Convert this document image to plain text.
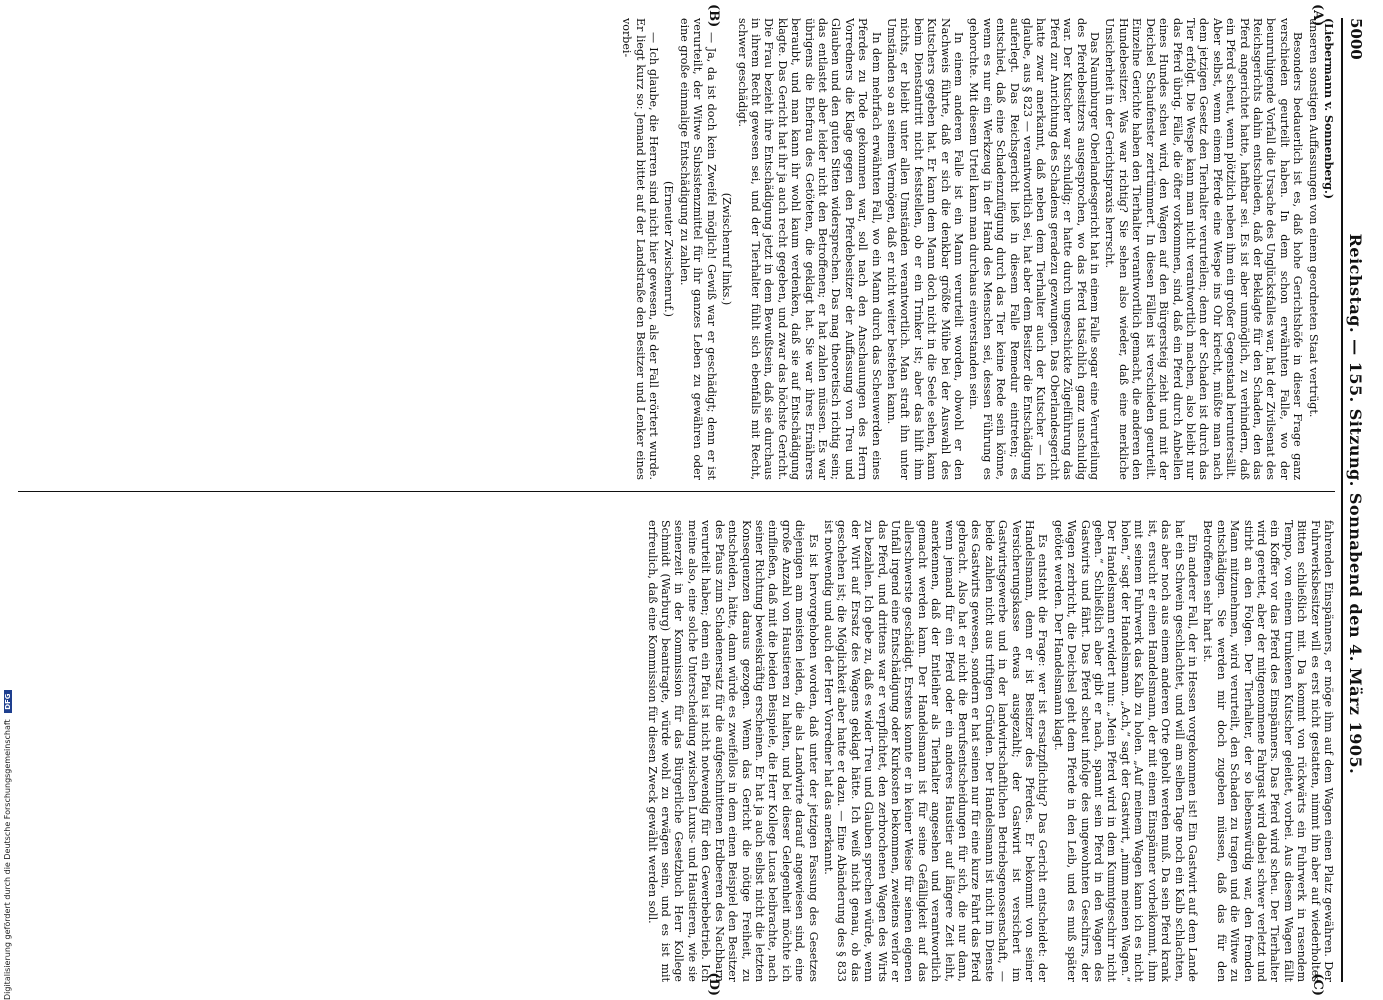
5000
Reichstag. — 155. Sitzung. Sonnabend den 4. März 1905.
(A)
(B)
(C)
(D)
(Liebermann v. Sonnenberg.)

unseren sonstigen Auffassungen von einem geordneten Staat vertrügt.

Besonders bedauerlich ist es, daß hohe Gerichtshöfe in dieser Frage ganz verschieden geurteilt haben. In dem schon erwähnten Falle, wo der beunruhigende Vorfall die Ursache des Unglücksfalles war, hat der Zivilsenat des Reichsgerichts dahin entschieden, daß der Beklagte für den Schaden, den das Pferd angerichtet hatte, haftbar sei. Es ist aber unmöglich, zu verhindern, daß ein Pferd scheut, wenn plötzlich neben ihm ein großer Gegenstand heruntersällt. Aber selbst, wenn einem Pferde eine Wespe ins Ohr kriecht, müßte man nach dem jetzigen Gesetz den Tierhalter verurteilen; denn der Schaden ist durch das Tier erfolgt. Die Wespe kann man nicht verantwortlich machen, also bleibt nur das Pferd übrig. Fälle, die öfter vorkommen, sind, daß ein Pferd durch Anbellen eines Hundes scheu wird, den Wagen auf den Bürgersteig zieht und mit der Deichsel Schaufenster zertrümmert. In diesen Fällen ist verschieden geurteilt. Einzelne Gerichte haben den Tierhalter verantwortlich gemacht, die anderen den Hundebesitzer. Was war richtig? Sie sehen also wieder, daß eine merkliche Unsicherheit in der Gerichtspraxis herrscht.

Das Naumburger Oberlandesgericht hat in einem Falle sogar eine Verurteilung des Pferdebesitzers ausgesprochen, wo das Pferd tatsächlich ganz unschuldig war. Der Kutscher war schuldig; er hatte durch ungeschickte Zügelführung das Pferd zur Anrichtung des Schadens geradezu gezwungen. Das Oberlandesgericht hatte zwar anerkannt, daß neben dem Tierhalter auch der Kutscher — ich glaube, aus § 823 — verantwortlich sei, hat aber dem Besitzer die Entschädigung auferlegt. Das Reichsgericht ließ in diesem Falle Remedur eintreten; es entschied, daß eine Schadenzufügung durch das Tier keine Rede sein könne, wenn es nur ein Werkzeug in der Hand des Menschen sei, dessen Führung es gehorchte. Mit diesem Urteil kann man durchaus einverstanden sein.

In einem anderen Falle ist ein Mann verurteilt worden, obwohl er den Nachweis führte, daß er sich die denkbar größte Mühe bei der Auswahl des Kutschers gegeben hat. Er kann dem Mann doch nicht in die Seele sehen, kann beim Dienstantritt nicht feststellen, ob er ein Trinker ist; aber das hilft ihm nichts, er bleibt unter allen Umständen verantwortlich. Man straft ihn unter Umständen so an seinem Vermögen, daß er nicht weiter bestehen kann.

In dem mehrfach erwähnten Fall, wo ein Mann durch das Scheuwerden eines Pferdes zu Tode gekommen war, soll nach den Anschauungen des Herrn Vorredners die Klage gegen den Pferdebesitzer der Auffassung von Treu und Glauben und den guten Sitten widersprechen. Das mag theoretisch richtig sein; das entlastet aber leider nicht den Betroffenen; er hat zahlen müssen. Es war übrigens die Ehefrau des Getöteten, die geklagt hat. Sie war ihres Ernährers beraubt, und man kann ihr wohl kaum verdenken, daß sie auf Entschädigung klagte. Das Gericht hat ihr ja auch recht gegeben, und zwar das höchste Gericht. Die Frau bezieht ihre Entschädigung jetzt in dem Bewußtsein, daß sie durchaus in ihrem Recht gewesen sei, und der Tierhalter fühlt sich ebenfalls mit Recht, schwer geschädigt.

(Zwischenruf links.)

— Ja, da ist doch kein Zweifel möglich! Gewiß war er geschädigt; denn er ist verurteilt, der Witwe Subsistenzmittel für ihr ganzes Leben zu gewähren oder eine große einmalige Entschädigung zu zahlen.

(Erneuter Zwischenruf.)

— Ich glaube, die Herren sind nicht hier gewesen, als der Fall erörtert wurde. Er liegt kurz so: Jemand bittet auf der Landstraße den Besitzer und Lenker eines vorbei-

fahrenden Einspänners, er möge ihm auf dem Wagen einen Platz gewähren. Der Fuhrwerksbesitzer will es erst nicht gestatten, nimmt ihn aber auf wiederholtes Bitten schließlich mit. Da kommt von rückwärts ein Fuhrwerk in rasendem Tempo, von einem trunkenen Kutscher geleitet, vorbei. Aus diesem Wagen fällt ein Koffer vor das Pferd des Einspänners. Das Pferd wird scheu. Der Tierhalter wird gerettet, aber der mitgenommene Fahrgast wird dabei schwer verletzt und stirbt an den Folgen. Der Tierhalter, der so liebenswürdig war, den fremden Mann mitzunehmen, wird verurteilt, den Schaden zu tragen und die Witwe zu entschädigen. Sie werden mir doch zugeben müssen, daß das für den Betroffenen sehr hart ist.

Ein anderer Fall, der in Hessen vorgekommen ist! Ein Gastwirt auf dem Lande hat ein Schwein geschlachtet, und will am selben Tage noch ein Kalb schlachten, das aber noch aus einem anderen Orte geholt werden muß. Da sein Pferd krank ist, ersucht er einen Handelsmann, der mit einem Einspänner vorbeikommt, ihm mit seinem Fuhrwerk das Kalb zu holen. „Auf meinem Wagen kann ich es nicht holen,“ sagt der Handelsmann. „Ach,“ sagt der Gastwirt, „nimm meinen Wagen.“ Der Handelsmann erwidert nun: „Mein Pferd wird in dem Kummtgeschirr nicht gehen.“ Schließlich aber gibt er nach, spannt sein Pferd in den Wagen des Gastwirts und fährt. Das Pferd scheut infolge des ungewohnten Geschirrs, der Wagen zerbricht, die Deichsel geht dem Pferde in den Leib, und es muß später getötet werden. Der Handelsmann klagt.

Es entsteht die Frage: wer ist ersatzpflichtig? Das Gericht entscheidet: der Handelsmann, denn er ist Besitzer des Pferdes. Er bekommt von seiner Versicherungskasse etwas ausgezahlt; der Gastwirt ist versichert im Gastwirtsgewerbe und in der landwirtschaftlichen Betriebsgenossenschaft, — beide zahlen nicht aus triftigen Gründen. Der Handelsmann ist nicht im Dienste des Gastwirts gewesen, sondern er hat seinen nur für eine kurze Fahrt das Pferd gebracht. Also hat er nicht die Berufsentscheidungen für sich, die nur dann, wenn jemand für ein Pferd oder ein anderes Haustier auf längere Zeit leiht, anerkennen, daß der Entleiher als Tierhalter angesehen und verantwortlich gemacht werden kann. Der Handelsmann ist für seine Gefälligkeit auf das allerschwerste geschädigt. Erstens konnte er in keiner Weise für seinen eigenen Unfall irgend eine Entschädigung oder Kurkosten bekommen, zweitens verlor er das Pferd, und drittens war er verpflichtet, den zerbrochenen Wagen des Wirts zu bezahlen. Ich gebe zu, daß es wider Treu und Glauben sprechen würde, wenn der Wirt auf Ersatz des Wagens geklagt hätte. Ich weiß nicht genau, ob das geschehen ist; die Möglichkeit aber hatte er dazu. — Eine Abänderung des § 833 ist notwendig und auch der Herr Vorredner hat das anerkannt.

Es ist hervorgehoben worden, daß unter der jetzigen Fassung des Gesetzes diejenigen am meisten leiden, die als Landwirte darauf angewiesen sind, eine große Anzahl von Haustieren zu halten, und bei dieser Gelegenheit möchte ich einfließen, daß mit die beiden Beispiele, die Herr Kollege Lucas beibrachte, nach seiner Richtung beweiskräftig erscheinen. Er hat ja auch selbst nicht die letzten Konsequenzen daraus gezogen. Wenn das Gericht die nötige Freiheit, zu entscheiden, hätte, dann würde es zweifellos in dem einen Beispiel den Besitzer des Pfaus zum Schadenersatz für die aufgeschnittenen Erdbeeren des Nachbarn verurteilt haben; denn ein Pfau ist nicht notwendig für den Gewerbebetrieb. Ich meine also, eine solche Unterscheidung zwischen Luxus- und Haustieren, wie sie seinerzeit in der Kommission für das Bürgerliche Gesetzbuch Herr Kollege Schmidt (Warburg) beantragte, würde wohl zu erwägen sein, und es ist mit erfreulich, daß eine Kommission für diesen Zweck gewählt werden soll.

Digitalisierung gefördert durch die Deutsche Forschungsgemeinschaft DFG
